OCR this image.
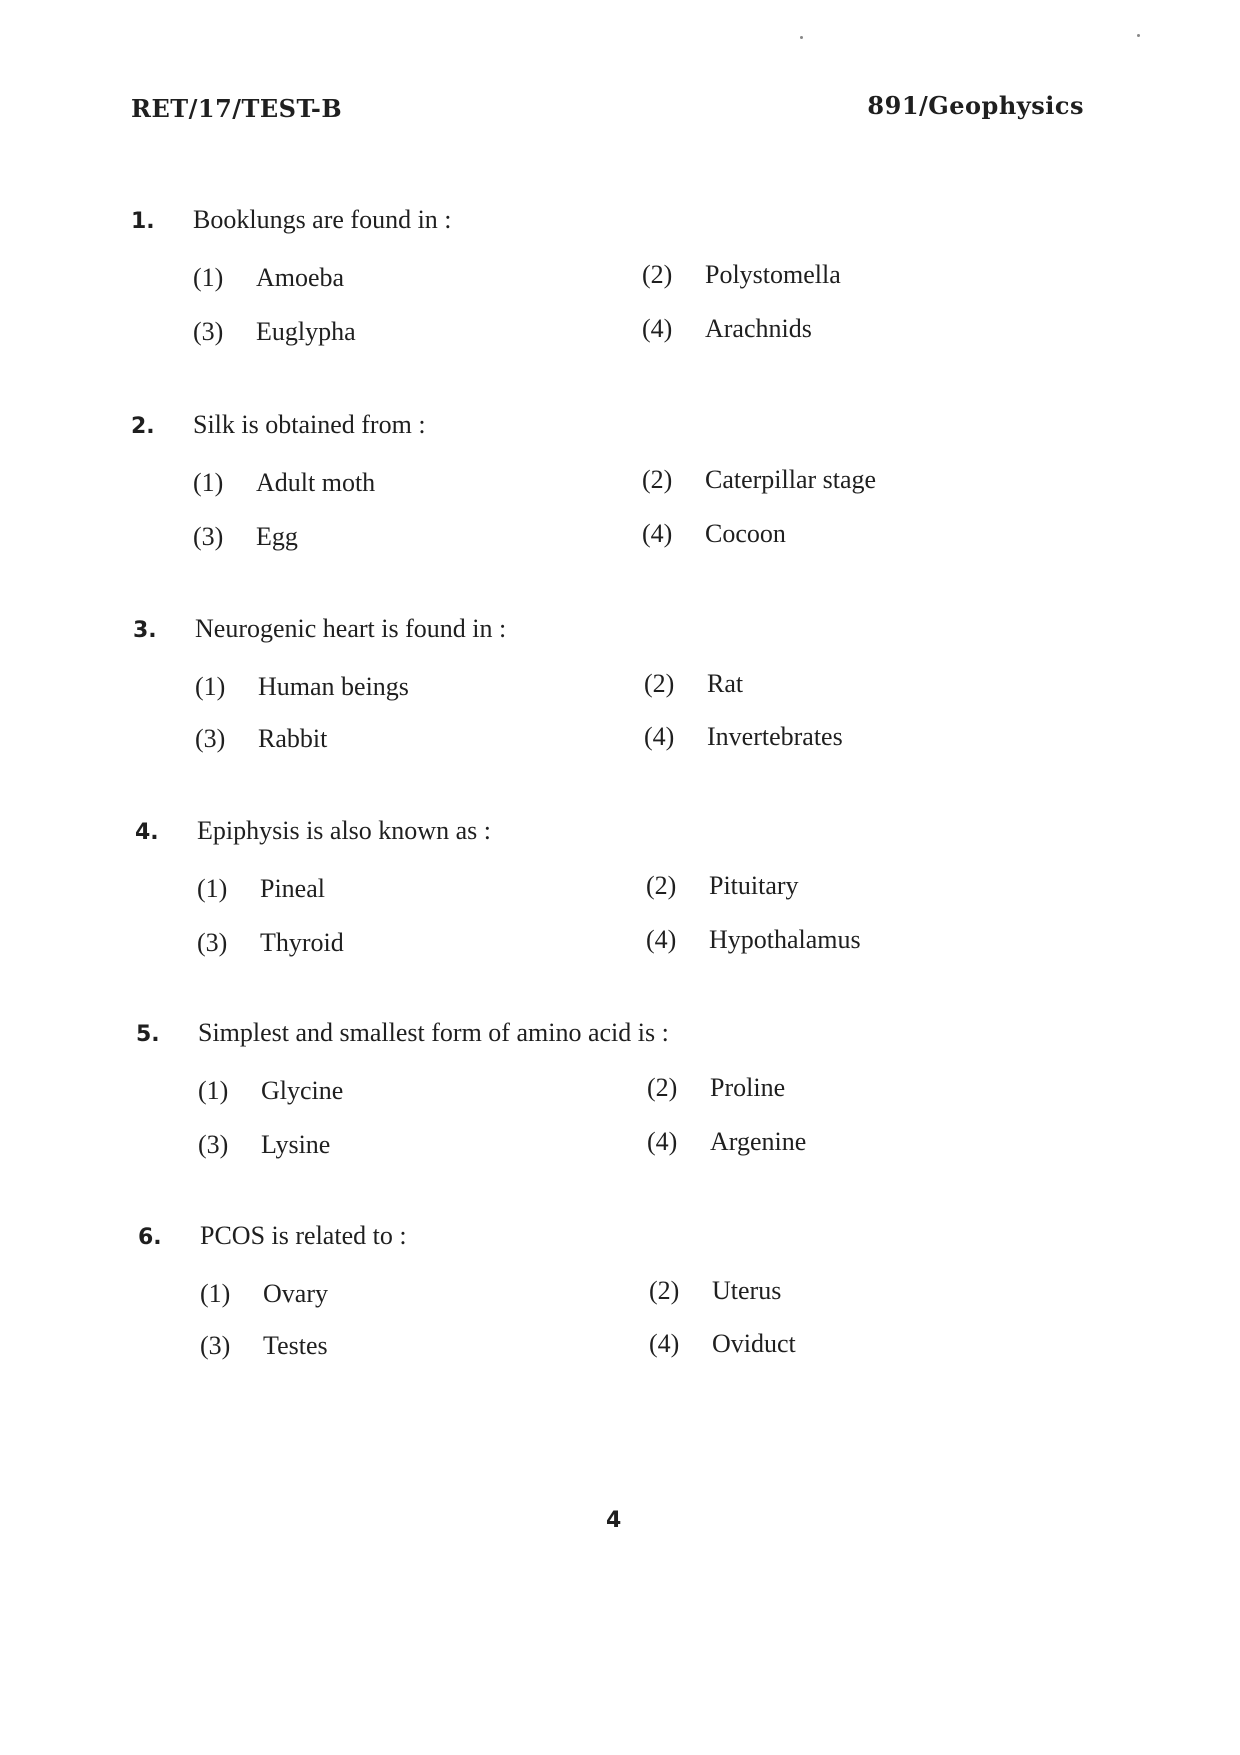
RET/17/TEST-B	891/Geophysics
1. Booklungs are found in :
(1) Amoeba	(2) Polystomella
(3) Euglypha	(4) Arachnids
2. Silk is obtained from :
(1) Adult moth	(2) Caterpillar stage
(3) Egg	(4) Cocoon
3. Neurogenic heart is found in :
(1) Human beings	(2) Rat
(3) Rabbit	(4) Invertebrates
4. Epiphysis is also known as :
(1) Pineal	(2) Pituitary
(3) Thyroid	(4) Hypothalamus
5. Simplest and smallest form of amino acid is :
(1) Glycine	(2) Proline
(3) Lysine	(4) Argenine
6. PCOS is related to :
(1) Ovary	(2) Uterus
(3) Testes	(4) Oviduct
4
